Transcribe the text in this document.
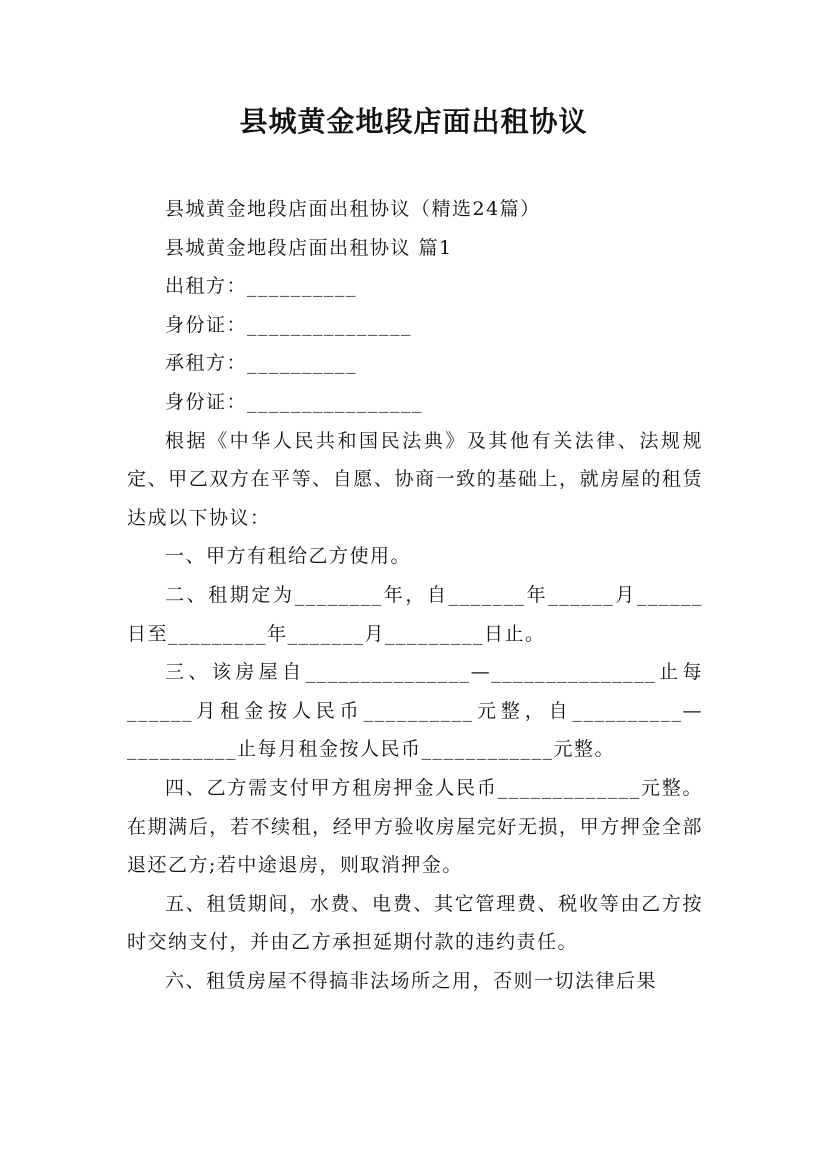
县城黄金地段店面出租协议

县城黄金地段店面出租协议（精选24篇）

县城黄金地段店面出租协议 篇1

出租方：__________

身份证：_______________

承租方：__________

身份证：________________

根据《中华人民共和国民法典》及其他有关法律、法规规定、甲乙双方在平等、自愿、协商一致的基础上，就房屋的租赁达成以下协议：

一、甲方有租给乙方使用。

二、租期定为________年，自_______年______月______日至_________年_______月_________日止。

三、该房屋自_______________—_______________止每______月租金按人民币__________元整，自__________—__________止每月租金按人民币____________元整。

四、乙方需支付甲方租房押金人民币_____________元整。在期满后，若不续租，经甲方验收房屋完好无损，甲方押金全部退还乙方;若中途退房，则取消押金。

五、租赁期间，水费、电费、其它管理费、税收等由乙方按时交纳支付，并由乙方承担延期付款的违约责任。

六、租赁房屋不得搞非法场所之用，否则一切法律后果
